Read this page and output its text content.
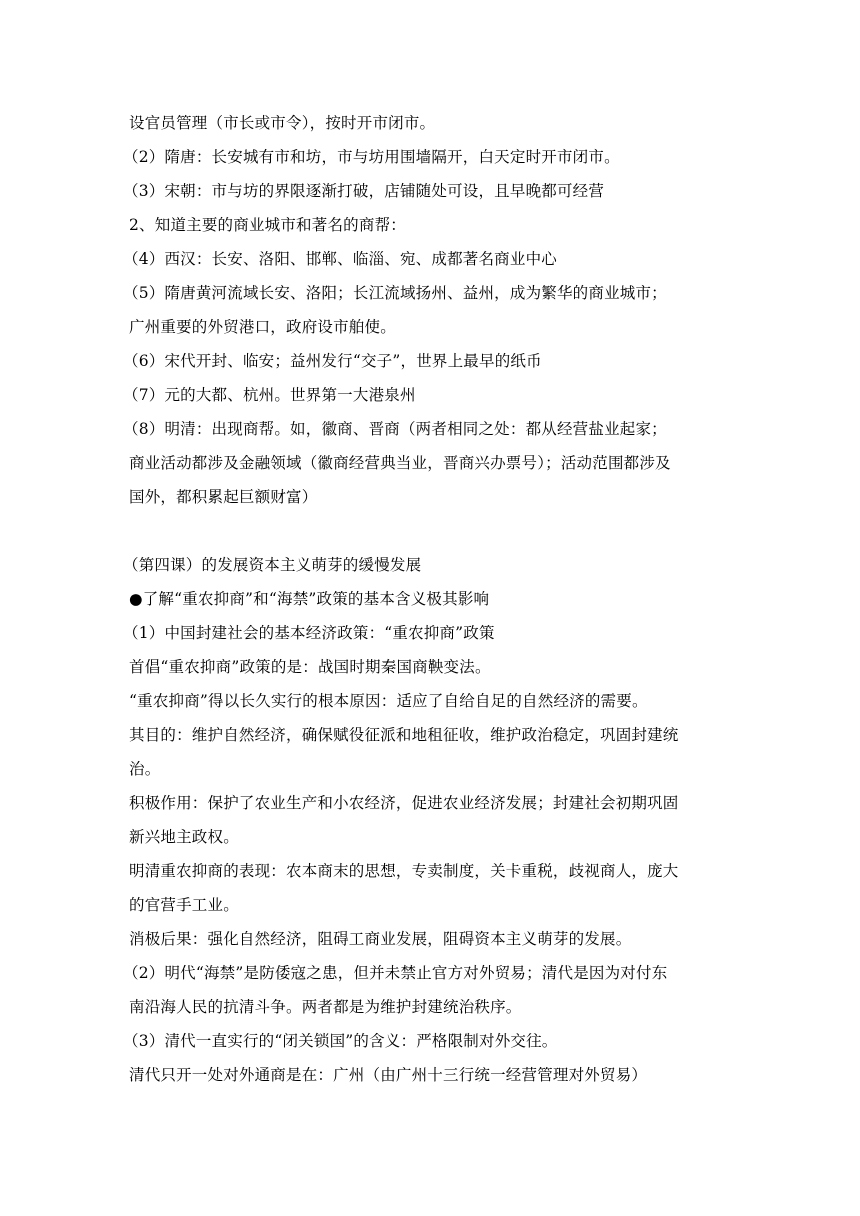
设官员管理（市长或市令），按时开市闭市。
（2）隋唐：长安城有市和坊，市与坊用围墙隔开，白天定时开市闭市。
（3）宋朝：市与坊的界限逐渐打破，店铺随处可设，且早晚都可经营
2、知道主要的商业城市和著名的商帮：
（4）西汉：长安、洛阳、邯郸、临淄、宛、成都著名商业中心
（5）隋唐黄河流域长安、洛阳；长江流域扬州、益州，成为繁华的商业城市；
广州重要的外贸港口，政府设市舶使。
（6）宋代开封、临安；益州发行“交子”，世界上最早的纸币
（7）元的大都、杭州。世界第一大港泉州
（8）明清：出现商帮。如，徽商、晋商（两者相同之处：都从经营盐业起家；
商业活动都涉及金融领域（徽商经营典当业，晋商兴办票号）；活动范围都涉及
国外，都积累起巨额财富）
（第四课）的发展资本主义萌芽的缓慢发展
●了解“重农抑商”和“海禁”政策的基本含义极其影响
（1）中国封建社会的基本经济政策：“重农抑商”政策
首倡“重农抑商”政策的是：战国时期秦国商鞅变法。
“重农抑商”得以长久实行的根本原因：适应了自给自足的自然经济的需要。
其目的：维护自然经济，确保赋役征派和地租征收，维护政治稳定，巩固封建统
治。
积极作用：保护了农业生产和小农经济，促进农业经济发展；封建社会初期巩固
新兴地主政权。
明清重农抑商的表现：农本商末的思想，专卖制度，关卡重税，歧视商人，庞大
的官营手工业。
消极后果：强化自然经济，阻碍工商业发展，阻碍资本主义萌芽的发展。
（2）明代“海禁”是防倭寇之患，但并未禁止官方对外贸易；清代是因为对付东
南沿海人民的抗清斗争。两者都是为维护封建统治秩序。
（3）清代一直实行的“闭关锁国”的含义：严格限制对外交往。
清代只开一处对外通商是在：广州（由广州十三行统一经营管理对外贸易）
